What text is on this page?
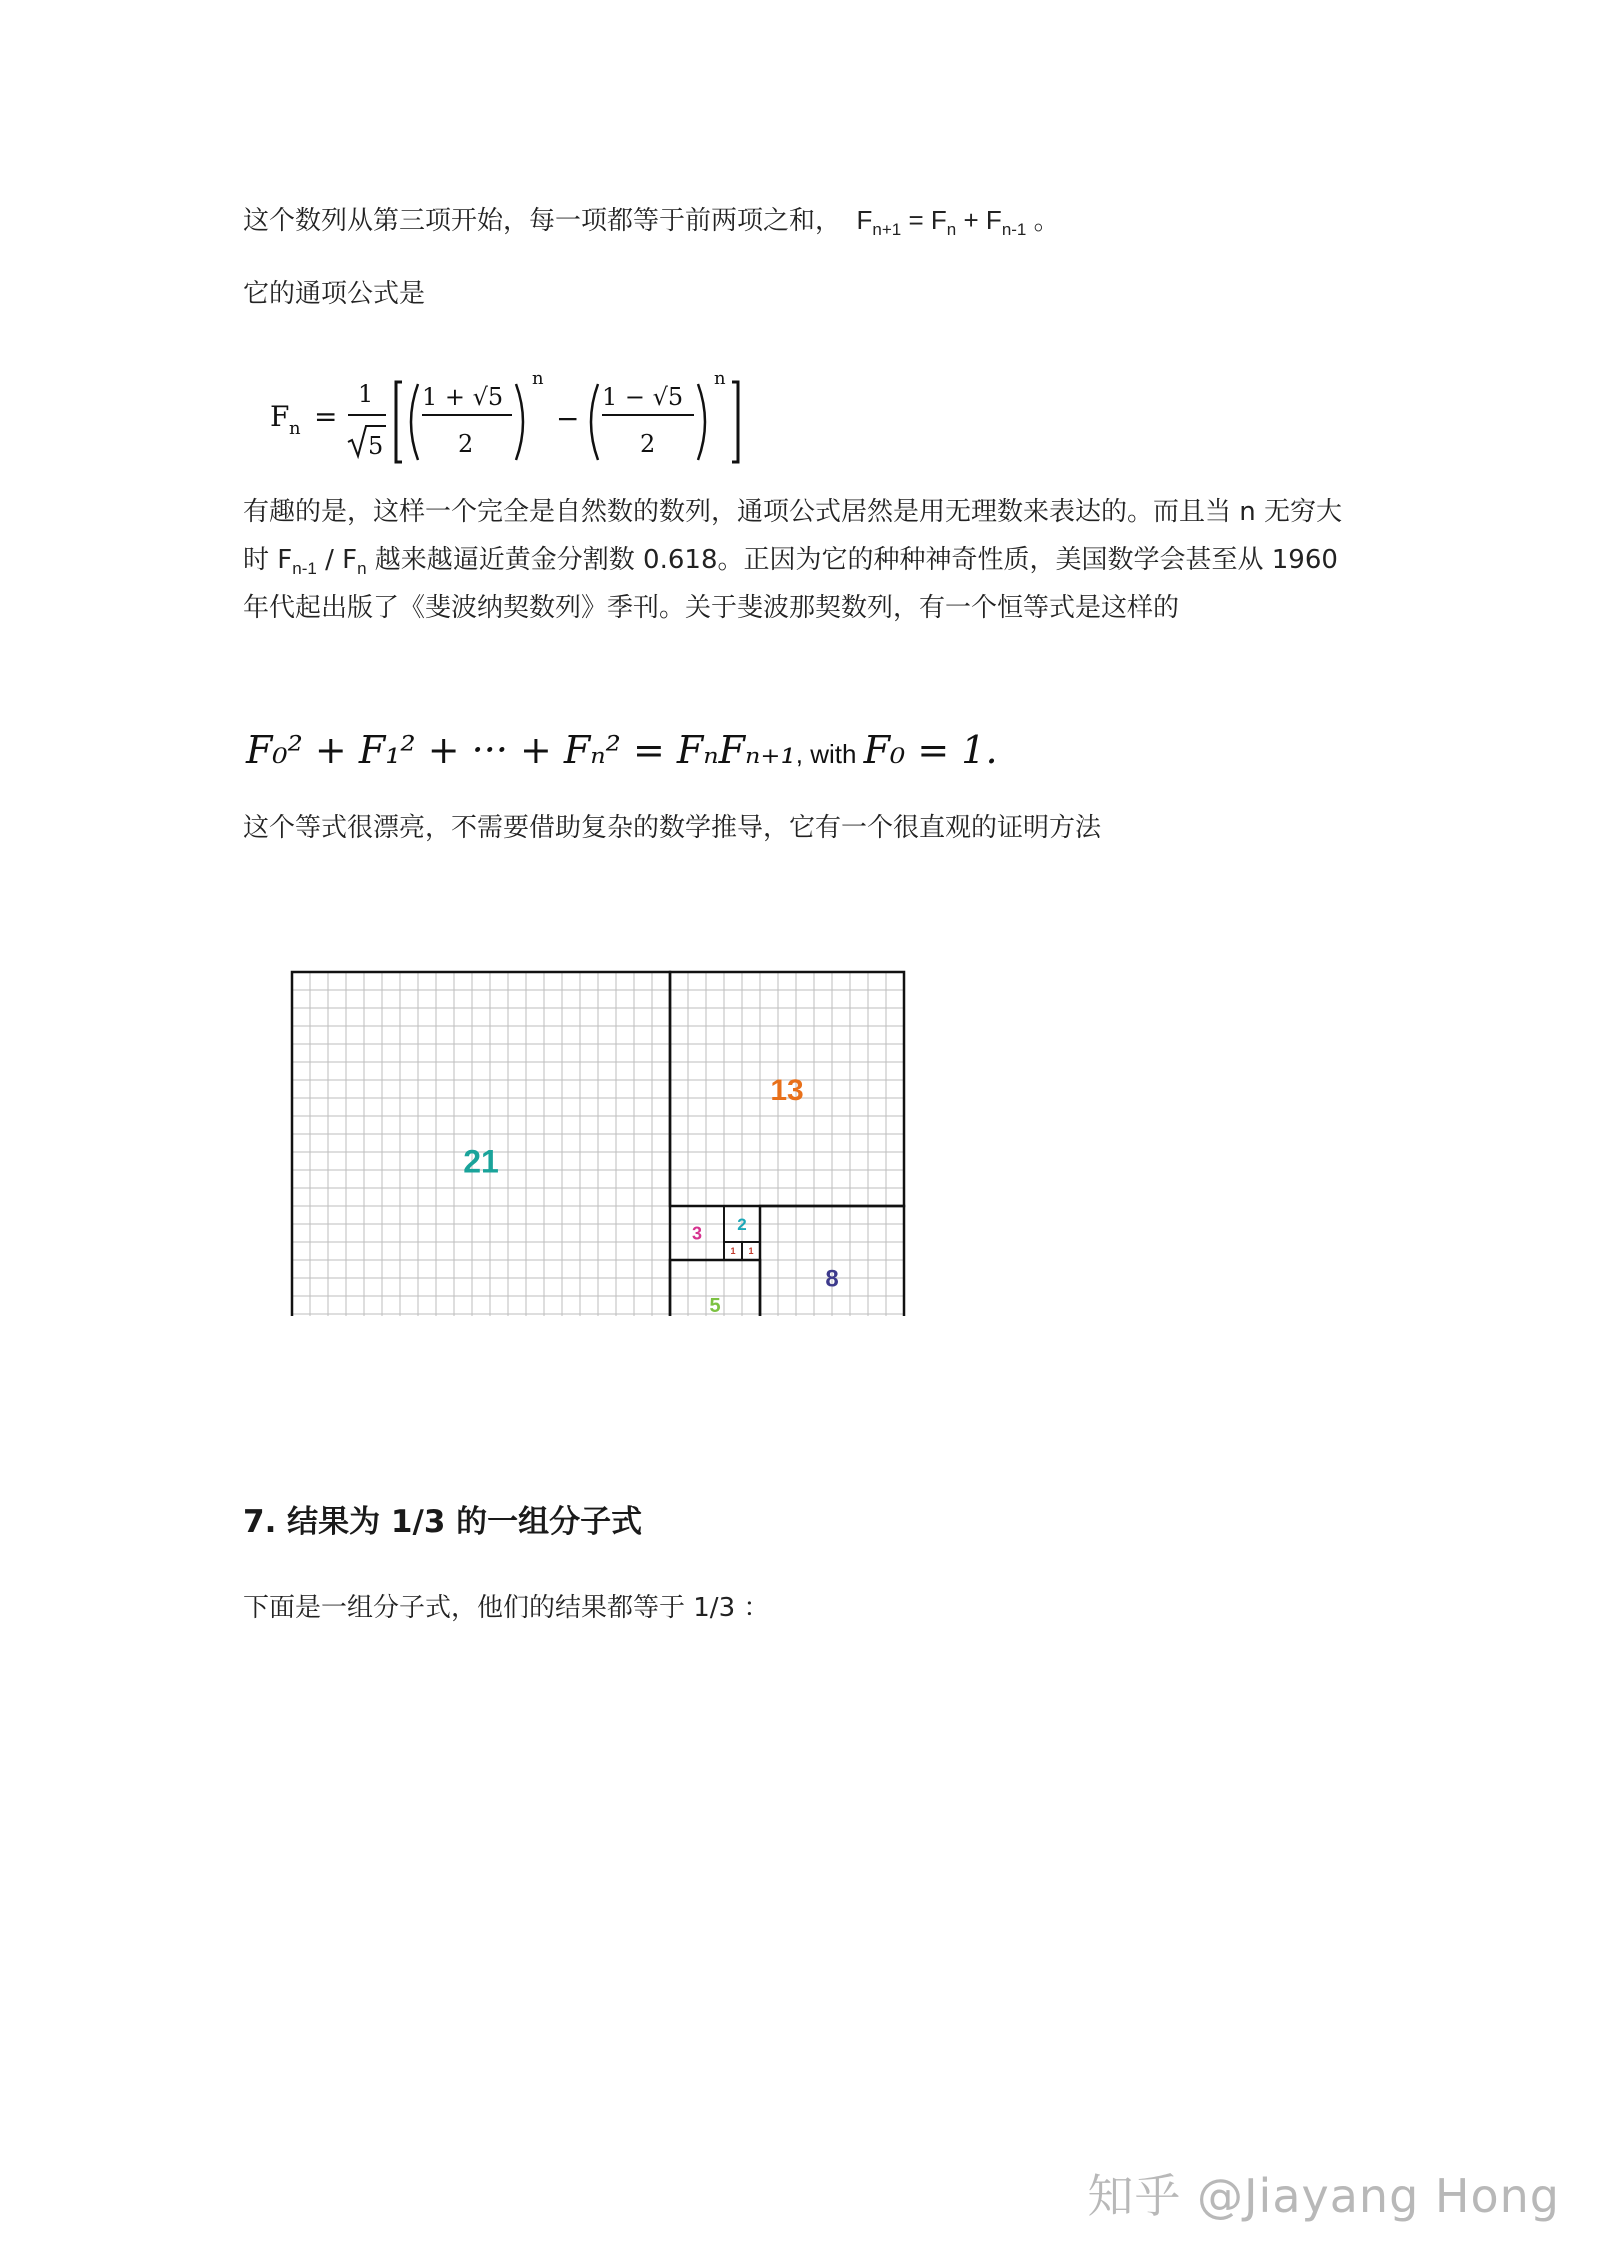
这个数列从第三项开始，每一项都等于前两项之和， $F_{n+1} = F_n + F_{n-1}$ 。

它的通项公式是

F n =
1
5
1 + √5
2
n
−
1 − √5
2
n

有趣的是，这样一个完全是自然数的数列，通项公式居然是用无理数来表达的。而且当 n 无穷大时 $F_{n-1} / F_n$ 越来越逼近黄金分割数 0.618。正因为它的种种神奇性质，美国数学会甚至从 1960 年代起出版了《斐波纳契数列》季刊。关于斐波那契数列，有一个恒等式是这样的

F₀² + F₁² + ··· + Fₙ² = FₙFₙ₊₁, with F₀ = 1.

这个等式很漂亮，不需要借助复杂的数学推导，它有一个很直观的证明方法

21
13
8
5
3 2
1 1
7. 结果为 1/3 的一组分子式

下面是一组分子式，他们的结果都等于 1/3 ：

知乎 @Jiayang Hong
